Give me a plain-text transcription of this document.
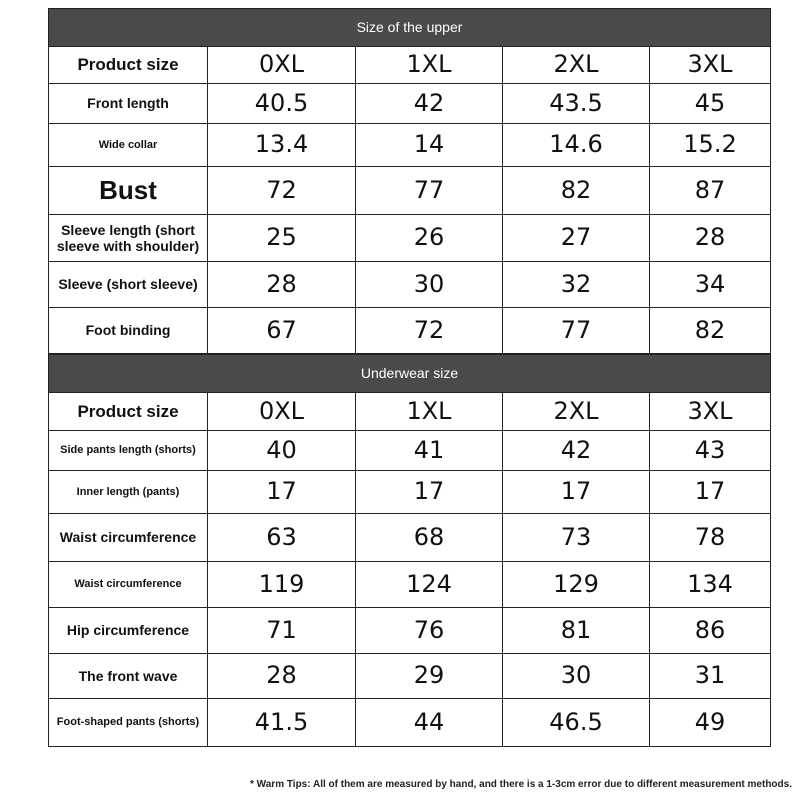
Size of the upper				
Product size	0XL	1XL	2XL	3XL
Front length	40.5	42	43.5	45
Wide collar	13.4	14	14.6	15.2
Bust	72	77	82	87
Sleeve length (short sleeve with shoulder)	25	26	27	28
Sleeve (short sleeve)	28	30	32	34
Foot binding	67	72	77	82
Underwear size				
Product size	0XL	1XL	2XL	3XL
Side pants length (shorts)	40	41	42	43
Inner length (pants)	17	17	17	17
Waist circumference	63	68	73	78
Waist circumference	119	124	129	134
Hip circumference	71	76	81	86
The front wave	28	29	30	31
Foot-shaped pants (shorts)	41.5	44	46.5	49
* Warm Tips: All of them are measured by hand, and there is a 1-3cm error due to different measurement methods.
